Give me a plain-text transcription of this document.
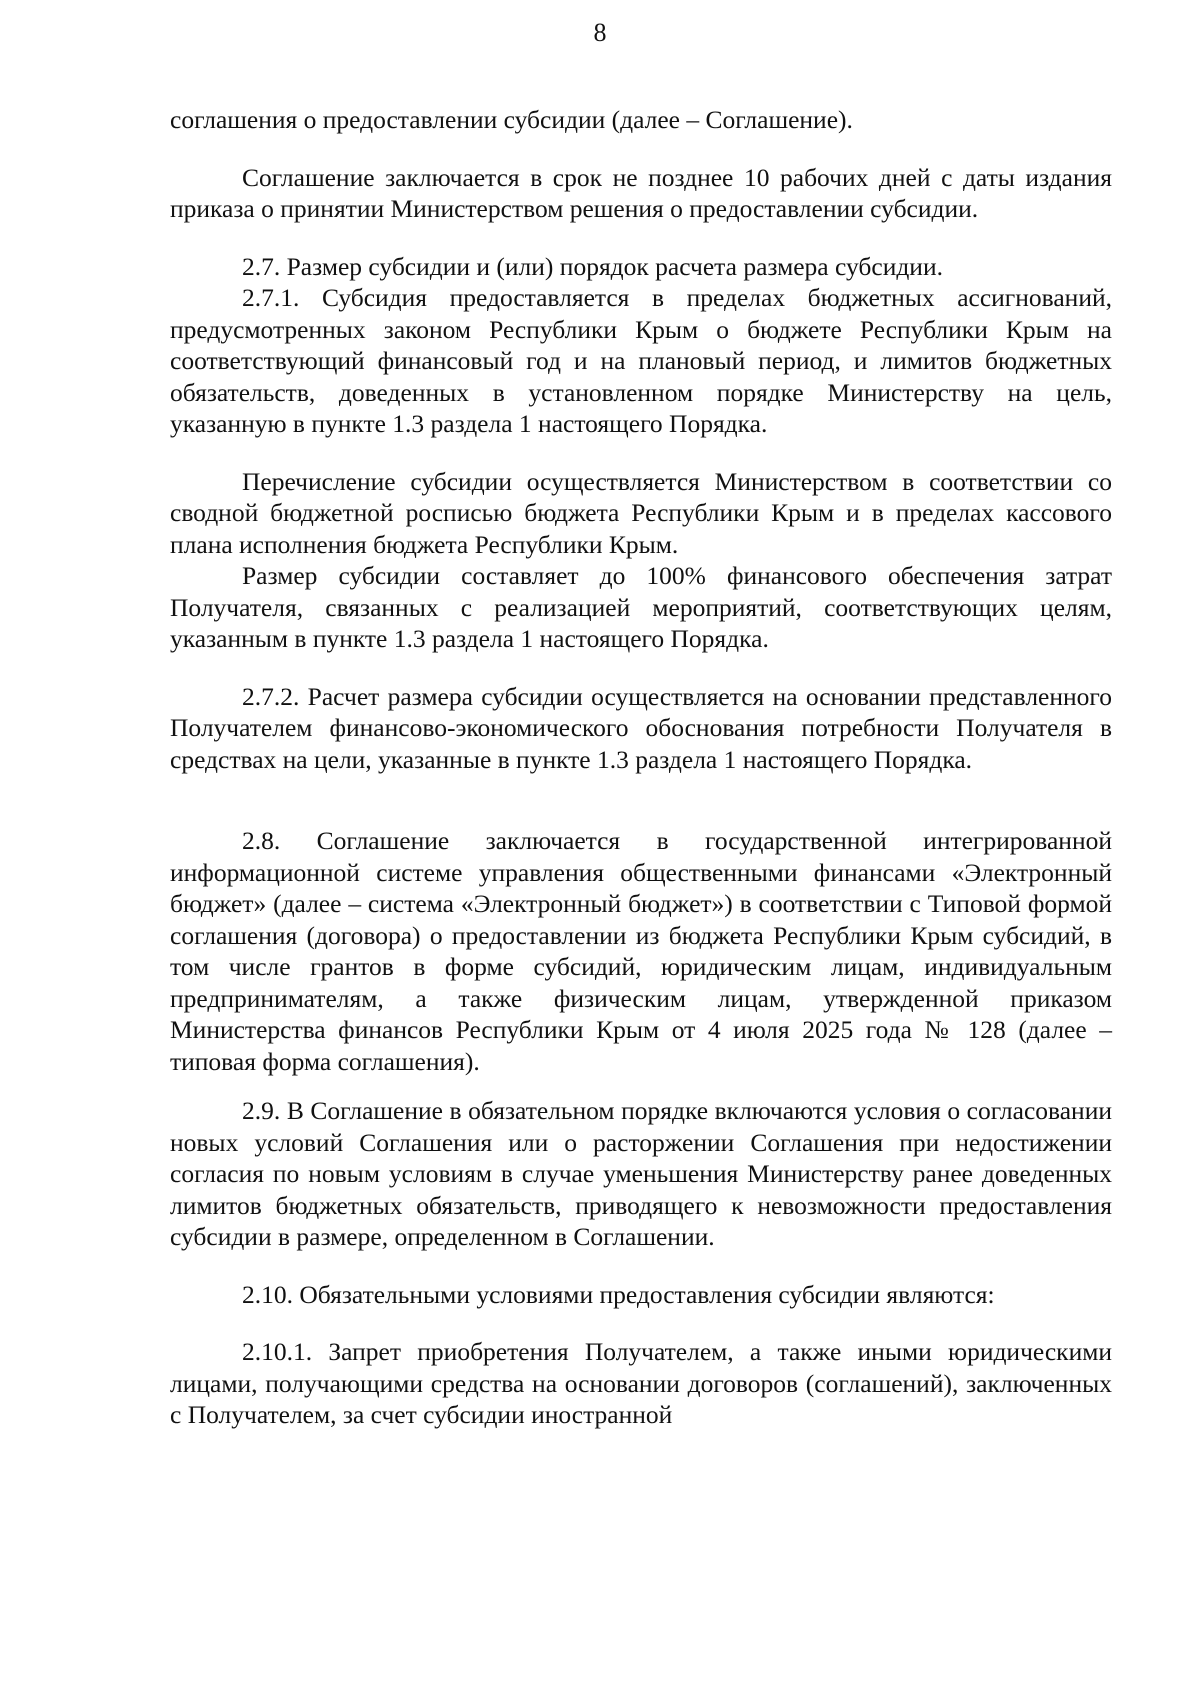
8

соглашения о предоставлении субсидии (далее – Соглашение).

Соглашение заключается в срок не позднее 10 рабочих дней с даты издания приказа о принятии Министерством решения о предоставлении субсидии.

2.7. Размер субсидии и (или) порядок расчета размера субсидии.

2.7.1. Субсидия предоставляется в пределах бюджетных ассигнований, предусмотренных законом Республики Крым о бюджете Республики Крым на соответствующий финансовый год и на плановый период, и лимитов бюджетных обязательств, доведенных в установленном порядке Министерству на цель, указанную в пункте 1.3 раздела 1 настоящего Порядка.

Перечисление субсидии осуществляется Министерством в соответствии со сводной бюджетной росписью бюджета Республики Крым и в пределах кассового плана исполнения бюджета Республики Крым.

Размер субсидии составляет до 100% финансового обеспечения затрат Получателя, связанных с реализацией мероприятий, соответствующих целям, указанным в пункте 1.3 раздела 1 настоящего Порядка.

2.7.2. Расчет размера субсидии осуществляется на основании представленного Получателем финансово-экономического обоснования потребности Получателя в средствах на цели, указанные в пункте 1.3 раздела 1 настоящего Порядка.

2.8. Соглашение заключается в государственной интегрированной информационной системе управления общественными финансами «Электронный бюджет» (далее – система «Электронный бюджет») в соответствии с Типовой формой соглашения (договора) о предоставлении из бюджета Республики Крым субсидий, в том числе грантов в форме субсидий, юридическим лицам, индивидуальным предпринимателям, а также физическим лицам, утвержденной приказом Министерства финансов Республики Крым от 4 июля 2025 года № 128 (далее – типовая форма соглашения).

2.9. В Соглашение в обязательном порядке включаются условия о согласовании новых условий Соглашения или о расторжении Соглашения при недостижении согласия по новым условиям в случае уменьшения Министерству ранее доведенных лимитов бюджетных обязательств, приводящего к невозможности предоставления субсидии в размере, определенном в Соглашении.

2.10. Обязательными условиями предоставления субсидии являются:

2.10.1. Запрет приобретения Получателем, а также иными юридическими лицами, получающими средства на основании договоров (соглашений), заключенных с Получателем, за счет субсидии иностранной
